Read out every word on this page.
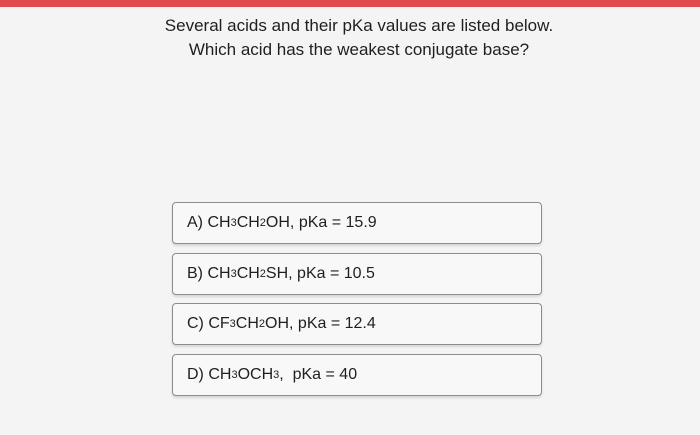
Several acids and their pKa values are listed below.
Which acid has the weakest conjugate base?
A)
CH 3 CH 2 OH , pKa = 15.9
B)
CH 3 CH 2 SH , pKa = 10.5
C)
CF 3 CH 2 OH , pKa = 12.4
D)
CH 3 OCH 3 ,  pKa = 40
